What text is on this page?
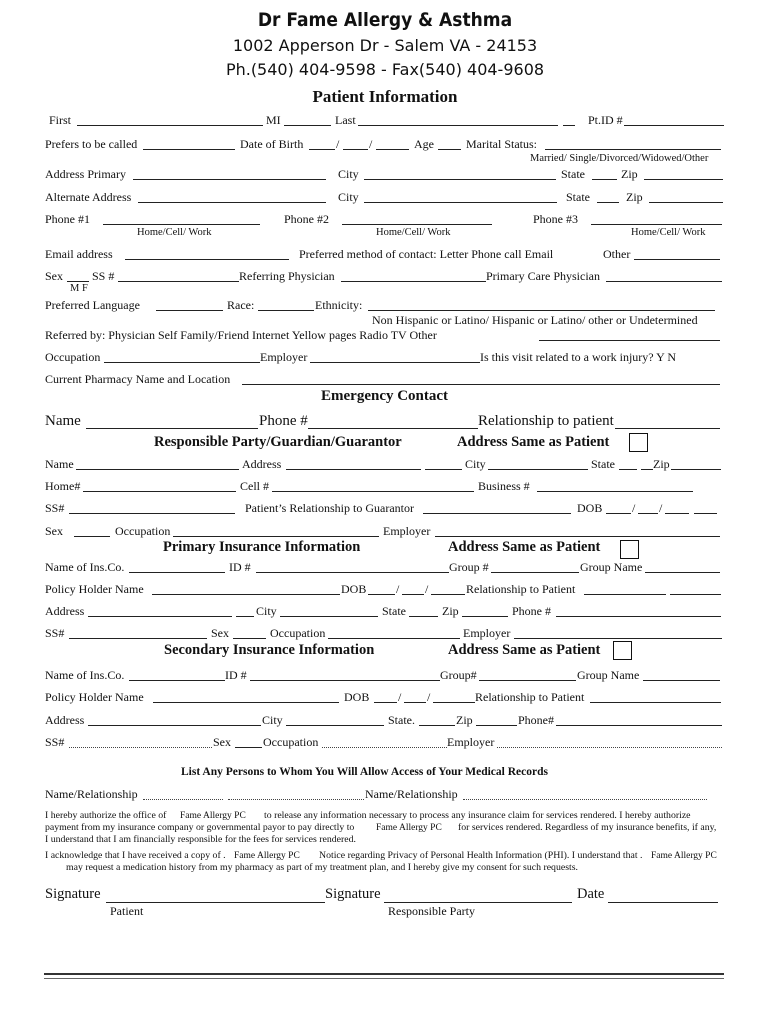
Dr Fame Allergy & Asthma
1002 Apperson Dr - Salem VA - 24153
Ph.(540) 404-9598 - Fax(540) 404-9608
Patient Information
First	MI	Last	Pt.ID #
Prefers to be called	Date of Birth	/ /	Age	Marital Status:
Married/ Single/Divorced/Widowed/Other
Address Primary	City	State	Zip
Alternate Address	City	State	Zip
Phone #1	Phone #2	Phone #3
Home/Cell/ Work	Home/Cell/ Work	Home/Cell/ Work
Email address	Preferred method of contact: Letter Phone call Email	Other
Sex SS #	Referring Physician	Primary Care Physician
M F
Preferred Language	Race:	Ethnicity:
Non Hispanic or Latino/ Hispanic or Latino/ other or Undetermined
Referred by: Physician Self Family/Friend Internet Yellow pages Radio TV Other
Occupation	Employer	Is this visit related to a work injury? Y N
Current Pharmacy Name and Location
Emergency Contact
Name	Phone #	Relationship to patient
Responsible Party/Guardian/Guarantor	Address Same as Patient
Name	Address	City	State	Zip
Home#	Cell #	Business #
SS#	Patient’s Relationship to Guarantor	DOB / /
Sex	Occupation	Employer
Primary Insurance Information	Address Same as Patient
Name of Ins.Co.	ID #	Group #	Group Name
Policy Holder Name	DOB / /	Relationship to Patient
Address	City	State	Zip	Phone #
SS#	Sex	Occupation	Employer
Secondary Insurance Information	Address Same as Patient
Name of Ins.Co.	ID #	Group#	Group Name
Policy Holder Name	DOB / /	Relationship to Patient
Address	City	State.	Zip	Phone#
SS#	Sex	Occupation	Employer
List Any Persons to Whom You Will Allow Access of Your Medical Records
Name/Relationship	Name/Relationship
I hereby authorize the office of Fame Allergy PC to release any information necessary to process any insurance claim for services rendered. I hereby authorize
payment from my insurance company or governmental payor to pay directly to Fame Allergy PC for services rendered. Regardless of my insurance benefits, if any,
I understand that I am financially responsible for the fees for services rendered.
I acknowledge that I have received a copy of . Fame Allergy PC Notice regarding Privacy of Personal Health Information (PHI). I understand that . Fame Allergy PC
may request a medication history from my pharmacy as part of my treatment plan, and I hereby give my consent for such requests.
Signature	Signature	Date
Patient	Responsible Party
